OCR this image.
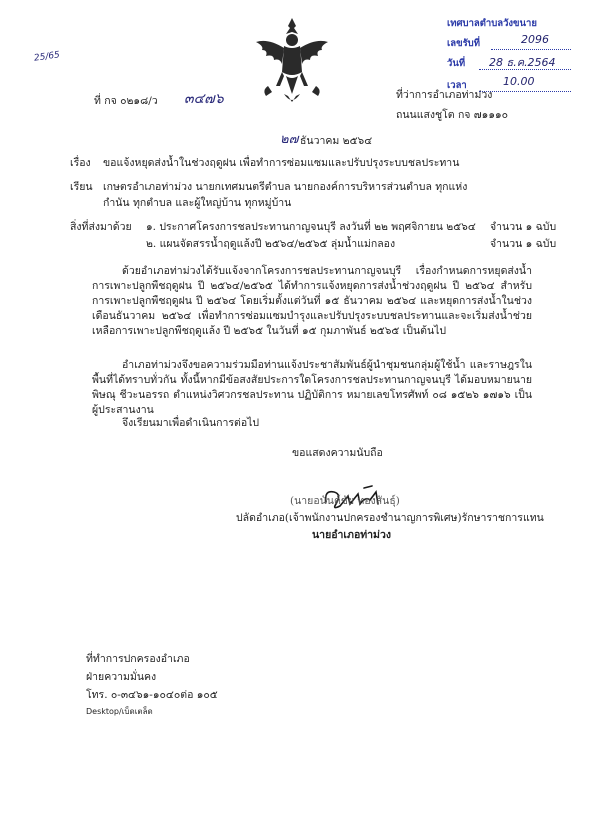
25/65
เทศบาลตำบลวังขนาย
เลขรับที่	2096
วันที่ 28 ธ.ค.2564
เวลา	10.00
ที่ กจ ๐๒๑๘/ว ๓๔๗๖	ที่ว่าการอำเภอท่าม่วง
ถนนแสงชูโต กจ ๗๑๑๑๐
๒๗ ธันวาคม ๒๕๖๔
เรื่อง ขอแจ้งหยุดส่งน้ำในช่วงฤดูฝน เพื่อทำการซ่อมแซมและปรับปรุงระบบชลประทาน
เรียน เกษตรอำเภอท่าม่วง นายกเทศมนตรีตำบล นายกองค์การบริหารส่วนตำบล ทุกแห่ง
กำนัน ทุกตำบล และผู้ใหญ่บ้าน ทุกหมู่บ้าน
สิ่งที่ส่งมาด้วย ๑. ประกาศโครงการชลประทานกาญจนบุรี ลงวันที่ ๒๒ พฤศจิกายน ๒๕๖๔ จำนวน ๑ ฉบับ
๒. แผนจัดสรรน้ำฤดูแล้งปี ๒๕๖๔/๒๕๖๕ ลุ่มน้ำแม่กลอง	จำนวน ๑ ฉบับ
ด้วยอำเภอท่าม่วงได้รับแจ้งจากโครงการชลประทานกาญจนบุรี เรื่องกำหนดการหยุดส่งน้ำการเพาะปลูกพืชฤดูฝน ปี ๒๕๖๔/๒๕๖๕ ได้ทำการแจ้งหยุดการส่งน้ำช่วงฤดูฝน ปี ๒๕๖๔ สำหรับการเพาะปลูกพืชฤดูฝน ปี ๒๕๖๔ โดยเริ่มตั้งแต่วันที่ ๑๕ ธันวาคม ๒๕๖๔ และหยุดการส่งน้ำในช่วงเดือนธันวาคม ๒๕๖๔ เพื่อทำการซ่อมแซมบำรุงและปรับปรุงระบบชลประทานและจะเริ่มส่งน้ำช่วยเหลือการเพาะปลูกพืชฤดูแล้ง ปี ๒๕๖๕ ในวันที่ ๑๕ กุมภาพันธ์ ๒๕๖๕ เป็นต้นไป
อำเภอท่าม่วงจึงขอความร่วมมือท่านแจ้งประชาสัมพันธ์ผู้นำชุมชนกลุ่มผู้ใช้น้ำ และราษฎรในพื้นที่ได้ทราบทั่วกัน ทั้งนี้หากมีข้อสงสัยประการใดโครงการชลประทานกาญจนบุรี ได้มอบหมายนายพิษณุ ชีวะนอรรถ ตำแหน่งวิศวกรชลประทาน ปฏิบัติการ หมายเลขโทรศัพท์ ๐๘ ๑๕๒๖ ๑๗๑๖ เป็นผู้ประสานงาน
จึงเรียนมาเพื่อดำเนินการต่อไป
ขอแสดงความนับถือ
(นายอนันต์ชัย ทองสันธุ์)
ปลัดอำเภอ(เจ้าพนักงานปกครองชำนาญการพิเศษ)รักษาราชการแทน
นายอำเภอท่าม่วง
ที่ทำการปกครองอำเภอ
ฝ่ายความมั่นคง
โทร. ๐-๓๔๖๑-๑๐๔๐ต่อ ๑๐๕
Desktop/เบ็ดเตล็ด
